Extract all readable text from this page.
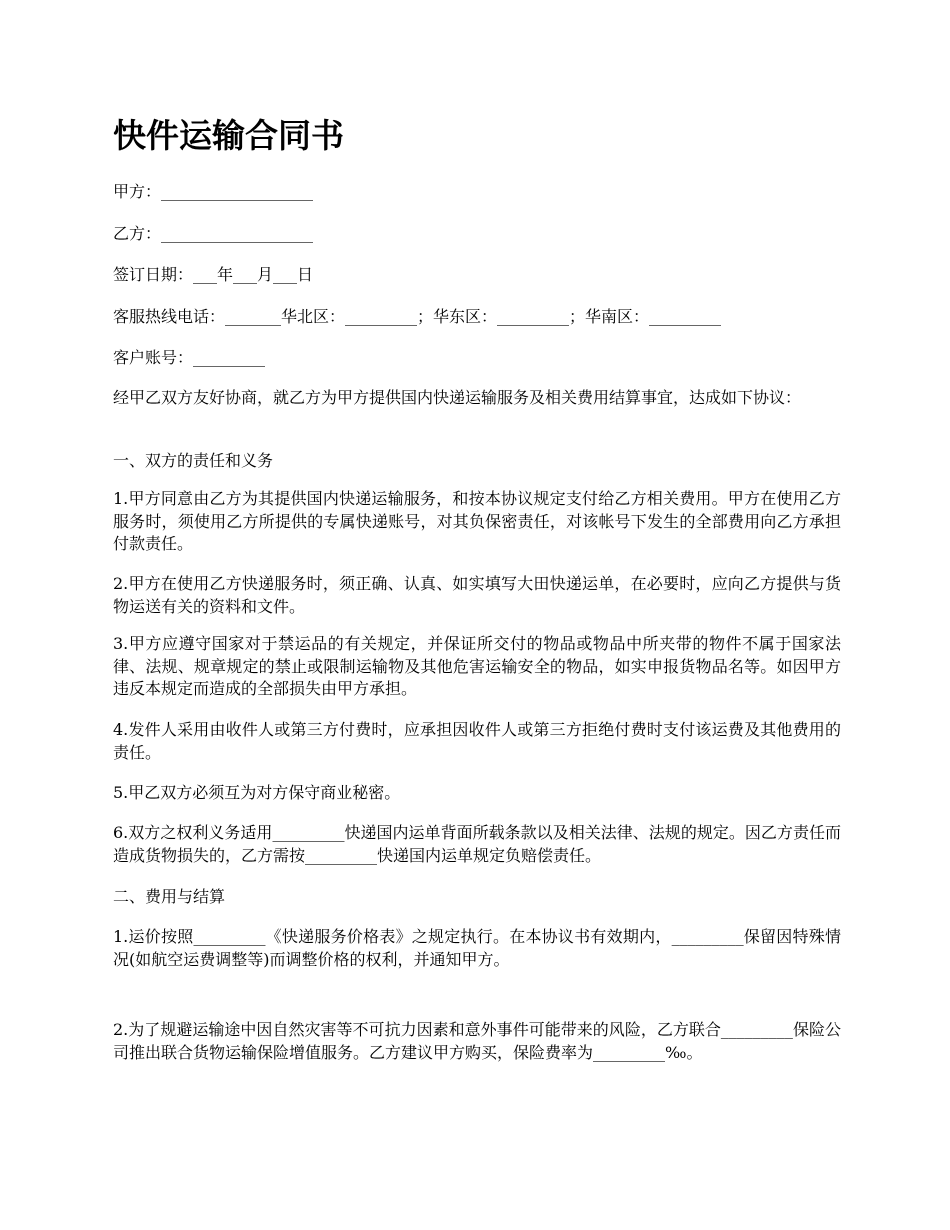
快件运输合同书

甲方：___________________

乙方：___________________

签订日期：___年___月___日

客服热线电话：_______华北区：_________；华东区：_________；华南区：_________

客户账号：_________

经甲乙双方友好协商，就乙方为甲方提供国内快递运输服务及相关费用结算事宜，达成如下协议：

一、双方的责任和义务

1.甲方同意由乙方为其提供国内快递运输服务，和按本协议规定支付给乙方相关费用。甲方在使用乙方服务时，须使用乙方所提供的专属快递账号，对其负保密责任，对该帐号下发生的全部费用向乙方承担付款责任。

2.甲方在使用乙方快递服务时，须正确、认真、如实填写大田快递运单，在必要时，应向乙方提供与货物运送有关的资料和文件。

3.甲方应遵守国家对于禁运品的有关规定，并保证所交付的物品或物品中所夹带的物件不属于国家法律、法规、规章规定的禁止或限制运输物及其他危害运输安全的物品，如实申报货物品名等。如因甲方违反本规定而造成的全部损失由甲方承担。

4.发件人采用由收件人或第三方付费时，应承担因收件人或第三方拒绝付费时支付该运费及其他费用的责任。

5.甲乙双方必须互为对方保守商业秘密。

6.双方之权利义务适用_________快递国内运单背面所载条款以及相关法律、法规的规定。因乙方责任而造成货物损失的，乙方需按_________快递国内运单规定负赔偿责任。

二、费用与结算

1.运价按照_________《快递服务价格表》之规定执行。在本协议书有效期内，_________保留因特殊情况(如航空运费调整等)而调整价格的权利，并通知甲方。

2.为了规避运输途中因自然灾害等不可抗力因素和意外事件可能带来的风险，乙方联合_________保险公司推出联合货物运输保险增值服务。乙方建议甲方购买，保险费率为_________‰。
